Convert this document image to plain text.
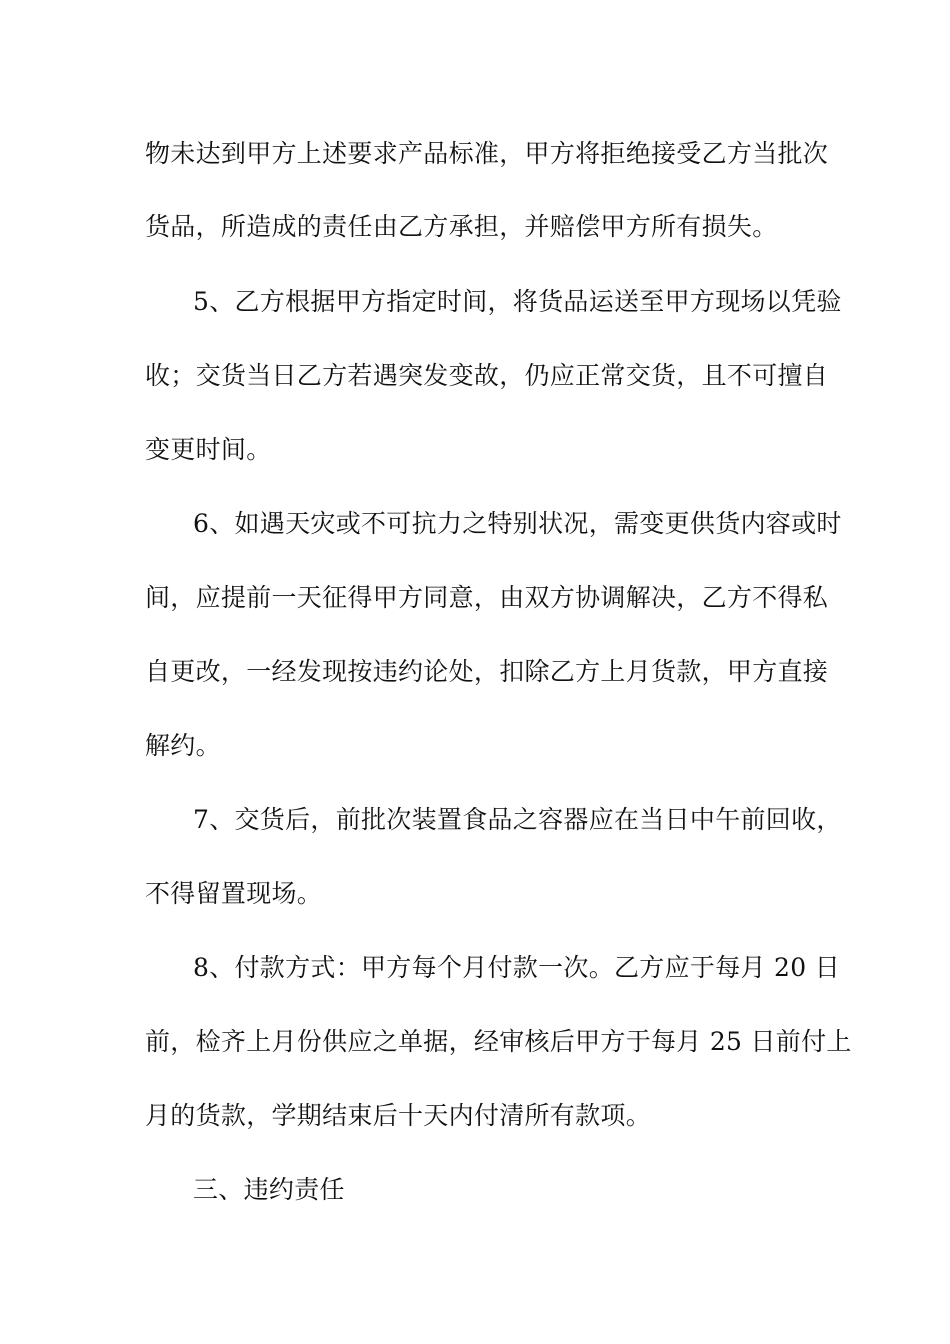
物未达到甲方上述要求产品标准，甲方将拒绝接受乙方当批次
货品，所造成的责任由乙方承担，并赔偿甲方所有损失。
5、乙方根据甲方指定时间，将货品运送至甲方现场以凭验
收；交货当日乙方若遇突发变故，仍应正常交货，且不可擅自
变更时间。
6、如遇天灾或不可抗力之特别状况，需变更供货内容或时
间，应提前一天征得甲方同意，由双方协调解决，乙方不得私
自更改，一经发现按违约论处，扣除乙方上月货款，甲方直接
解约。
7、交货后，前批次装置食品之容器应在当日中午前回收，
不得留置现场。
8、付款方式：甲方每个月付款一次。乙方应于每月 20 日
前，检齐上月份供应之单据，经审核后甲方于每月 25 日前付上
月的货款，学期结束后十天内付清所有款项。
三、违约责任
